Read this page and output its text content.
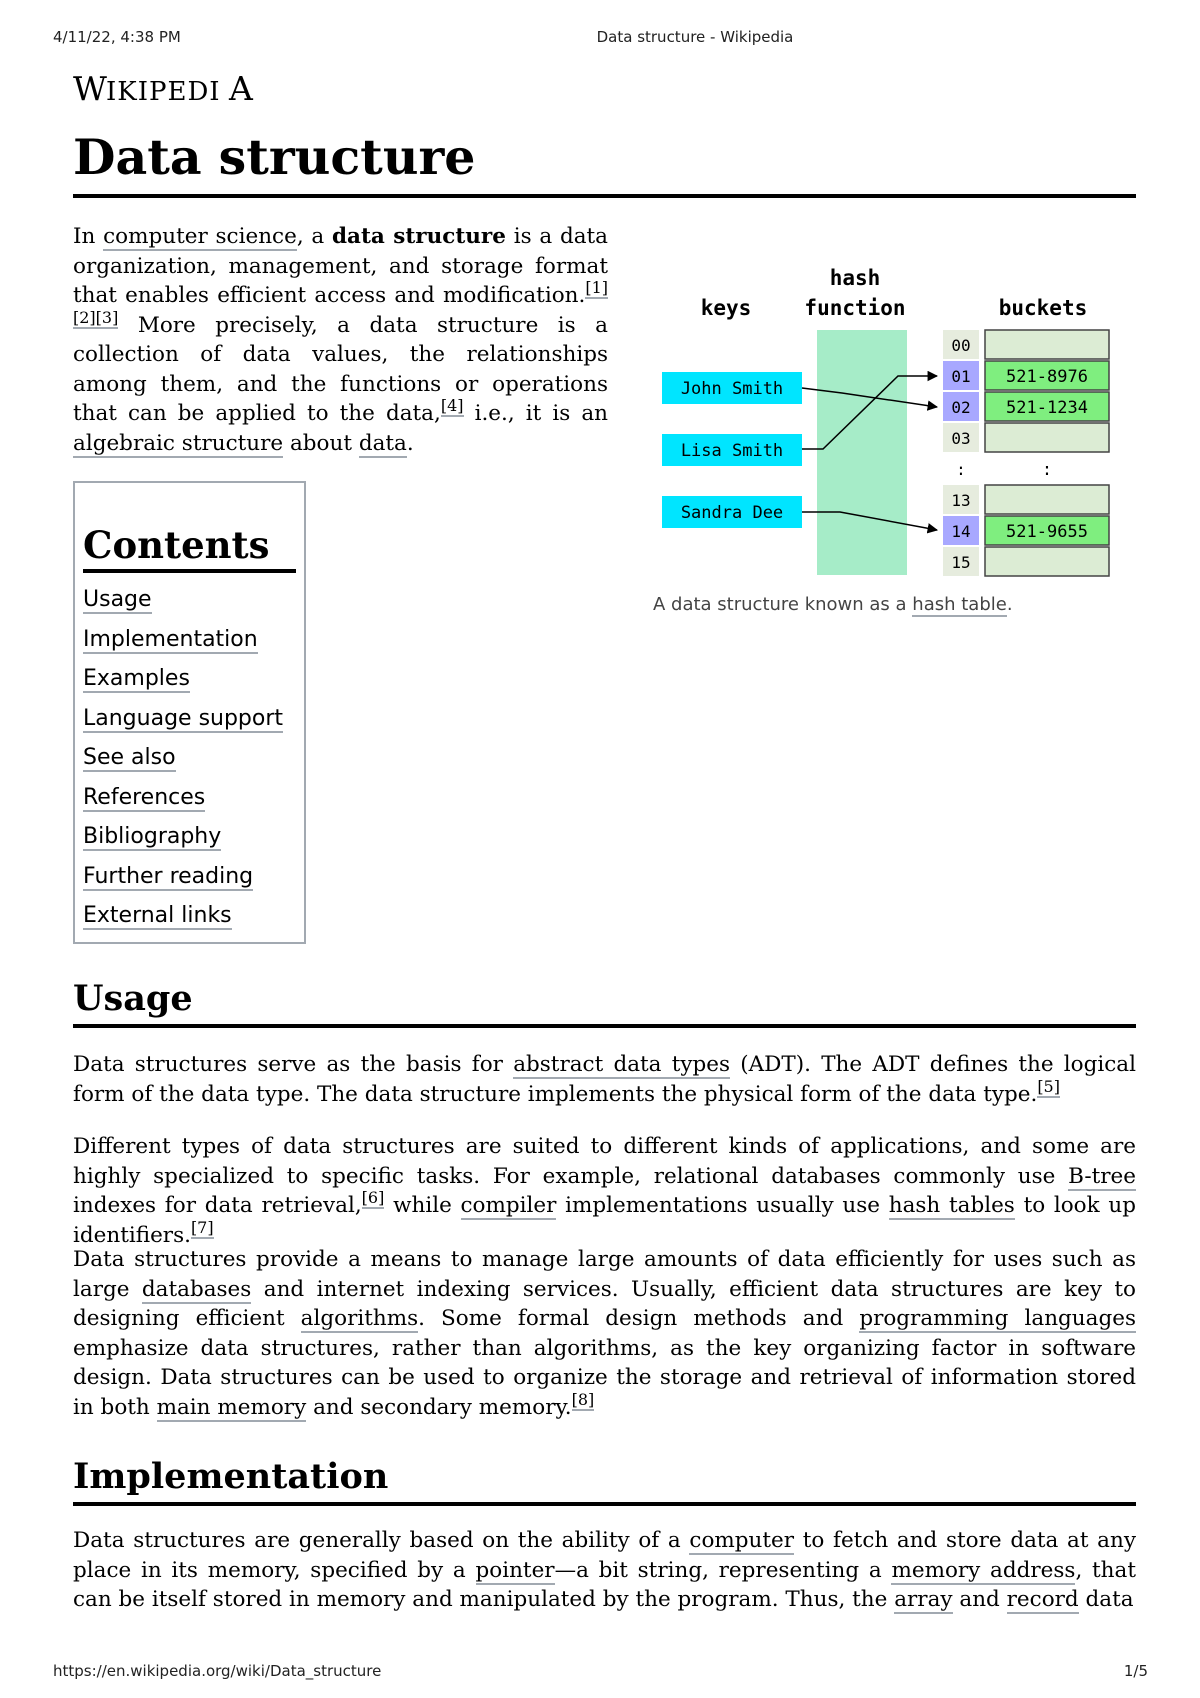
4/11/22, 4:38 PM	Data structure - Wikipedia
W
IKIPEDI A
Data structure

In computer science, a data structure is a data organization, management, and storage format that enables efficient access and modification.[1][2][3] More precisely, a data structure is a collection of data values, the relationships among them, and the functions or operations that can be applied to the data,[4] i.e., it is an algebraic structure about data.

hash
function
keys	buckets
John Smith
Lisa Smith
Sandra Dee
00
01 521-8976
02 521-1234
03
:	:
13
14 521-9655
15
A data structure known as a hash table.
Contents
Usage
Implementation
Examples
Language support
See also
References
Bibliography
Further reading
External links
Usage

Data structures serve as the basis for abstract data types (ADT). The ADT defines the logical form of the data type. The data structure implements the physical form of the data type.[5]

Different types of data structures are suited to different kinds of applications, and some are highly specialized to specific tasks. For example, relational databases commonly use B-tree indexes for data retrieval,[6] while compiler implementations usually use hash tables to look up identifiers.[7]

Data structures provide a means to manage large amounts of data efficiently for uses such as large databases and internet indexing services. Usually, efficient data structures are key to designing efficient algorithms. Some formal design methods and programming languages emphasize data structures, rather than algorithms, as the key organizing factor in software design. Data structures can be used to organize the storage and retrieval of information stored in both main memory and secondary memory.[8]

Implementation

Data structures are generally based on the ability of a computer to fetch and store data at any place in its memory, specified by a pointer—a bit string, representing a memory address, that can be itself stored in memory and manipulated by the program. Thus, the array and record data

https://en.wikipedia.org/wiki/Data_structure	1/5
